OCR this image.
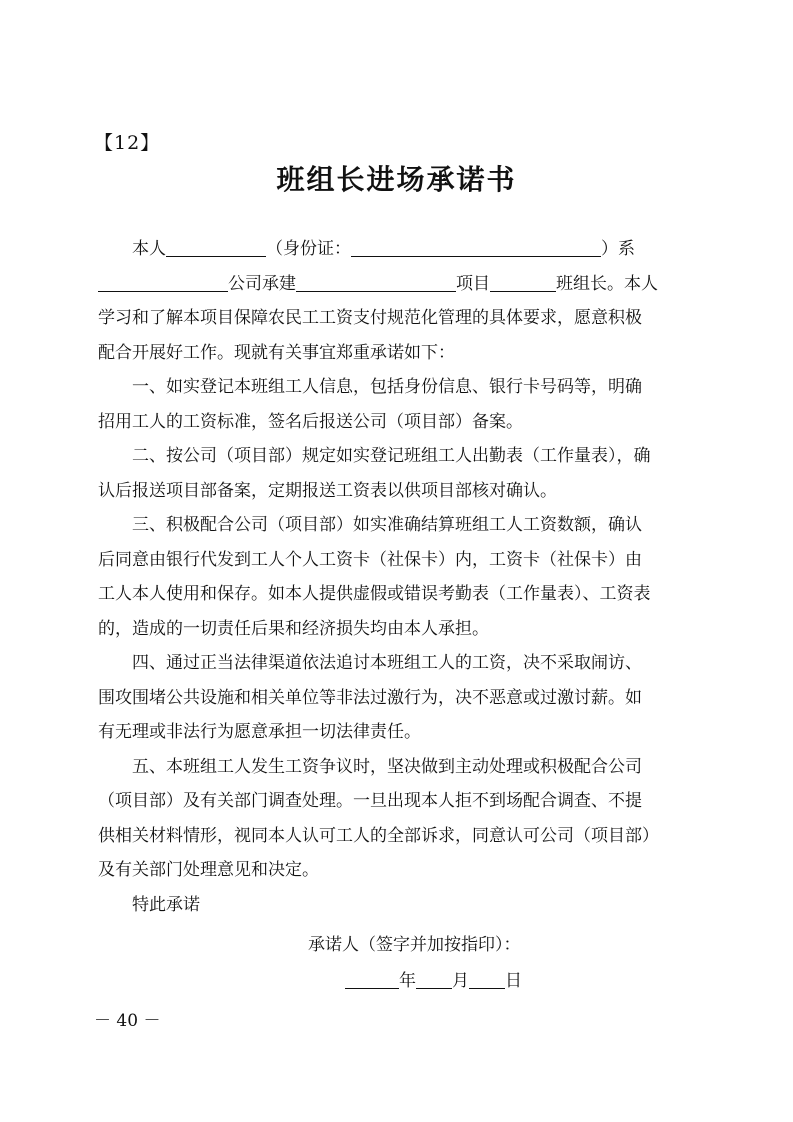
【12】
班组长进场承诺书
本人	（身份证：	）系
公司承建	项目	班组长。本人
学习和了解本项目保障农民工工资支付规范化管理的具体要求，愿意积极
配合开展好工作。现就有关事宜郑重承诺如下：
一、如实登记本班组工人信息，包括身份信息、银行卡号码等，明确
招用工人的工资标准，签名后报送公司（项目部）备案。
二、按公司（项目部）规定如实登记班组工人出勤表（工作量表），确
认后报送项目部备案，定期报送工资表以供项目部核对确认。
三、积极配合公司（项目部）如实准确结算班组工人工资数额，确认
后同意由银行代发到工人个人工资卡（社保卡）内，工资卡（社保卡）由
工人本人使用和保存。如本人提供虚假或错误考勤表（工作量表）、工资表
的，造成的一切责任后果和经济损失均由本人承担。
四、通过正当法律渠道依法追讨本班组工人的工资，决不采取闹访、
围攻围堵公共设施和相关单位等非法过激行为，决不恶意或过激讨薪。如
有无理或非法行为愿意承担一切法律责任。
五、本班组工人发生工资争议时，坚决做到主动处理或积极配合公司
（项目部）及有关部门调查处理。一旦出现本人拒不到场配合调查、不提
供相关材料情形，视同本人认可工人的全部诉求，同意认可公司（项目部）
及有关部门处理意见和决定。
特此承诺
承诺人（签字并加按指印）：
年 月 日
－ 40 －
